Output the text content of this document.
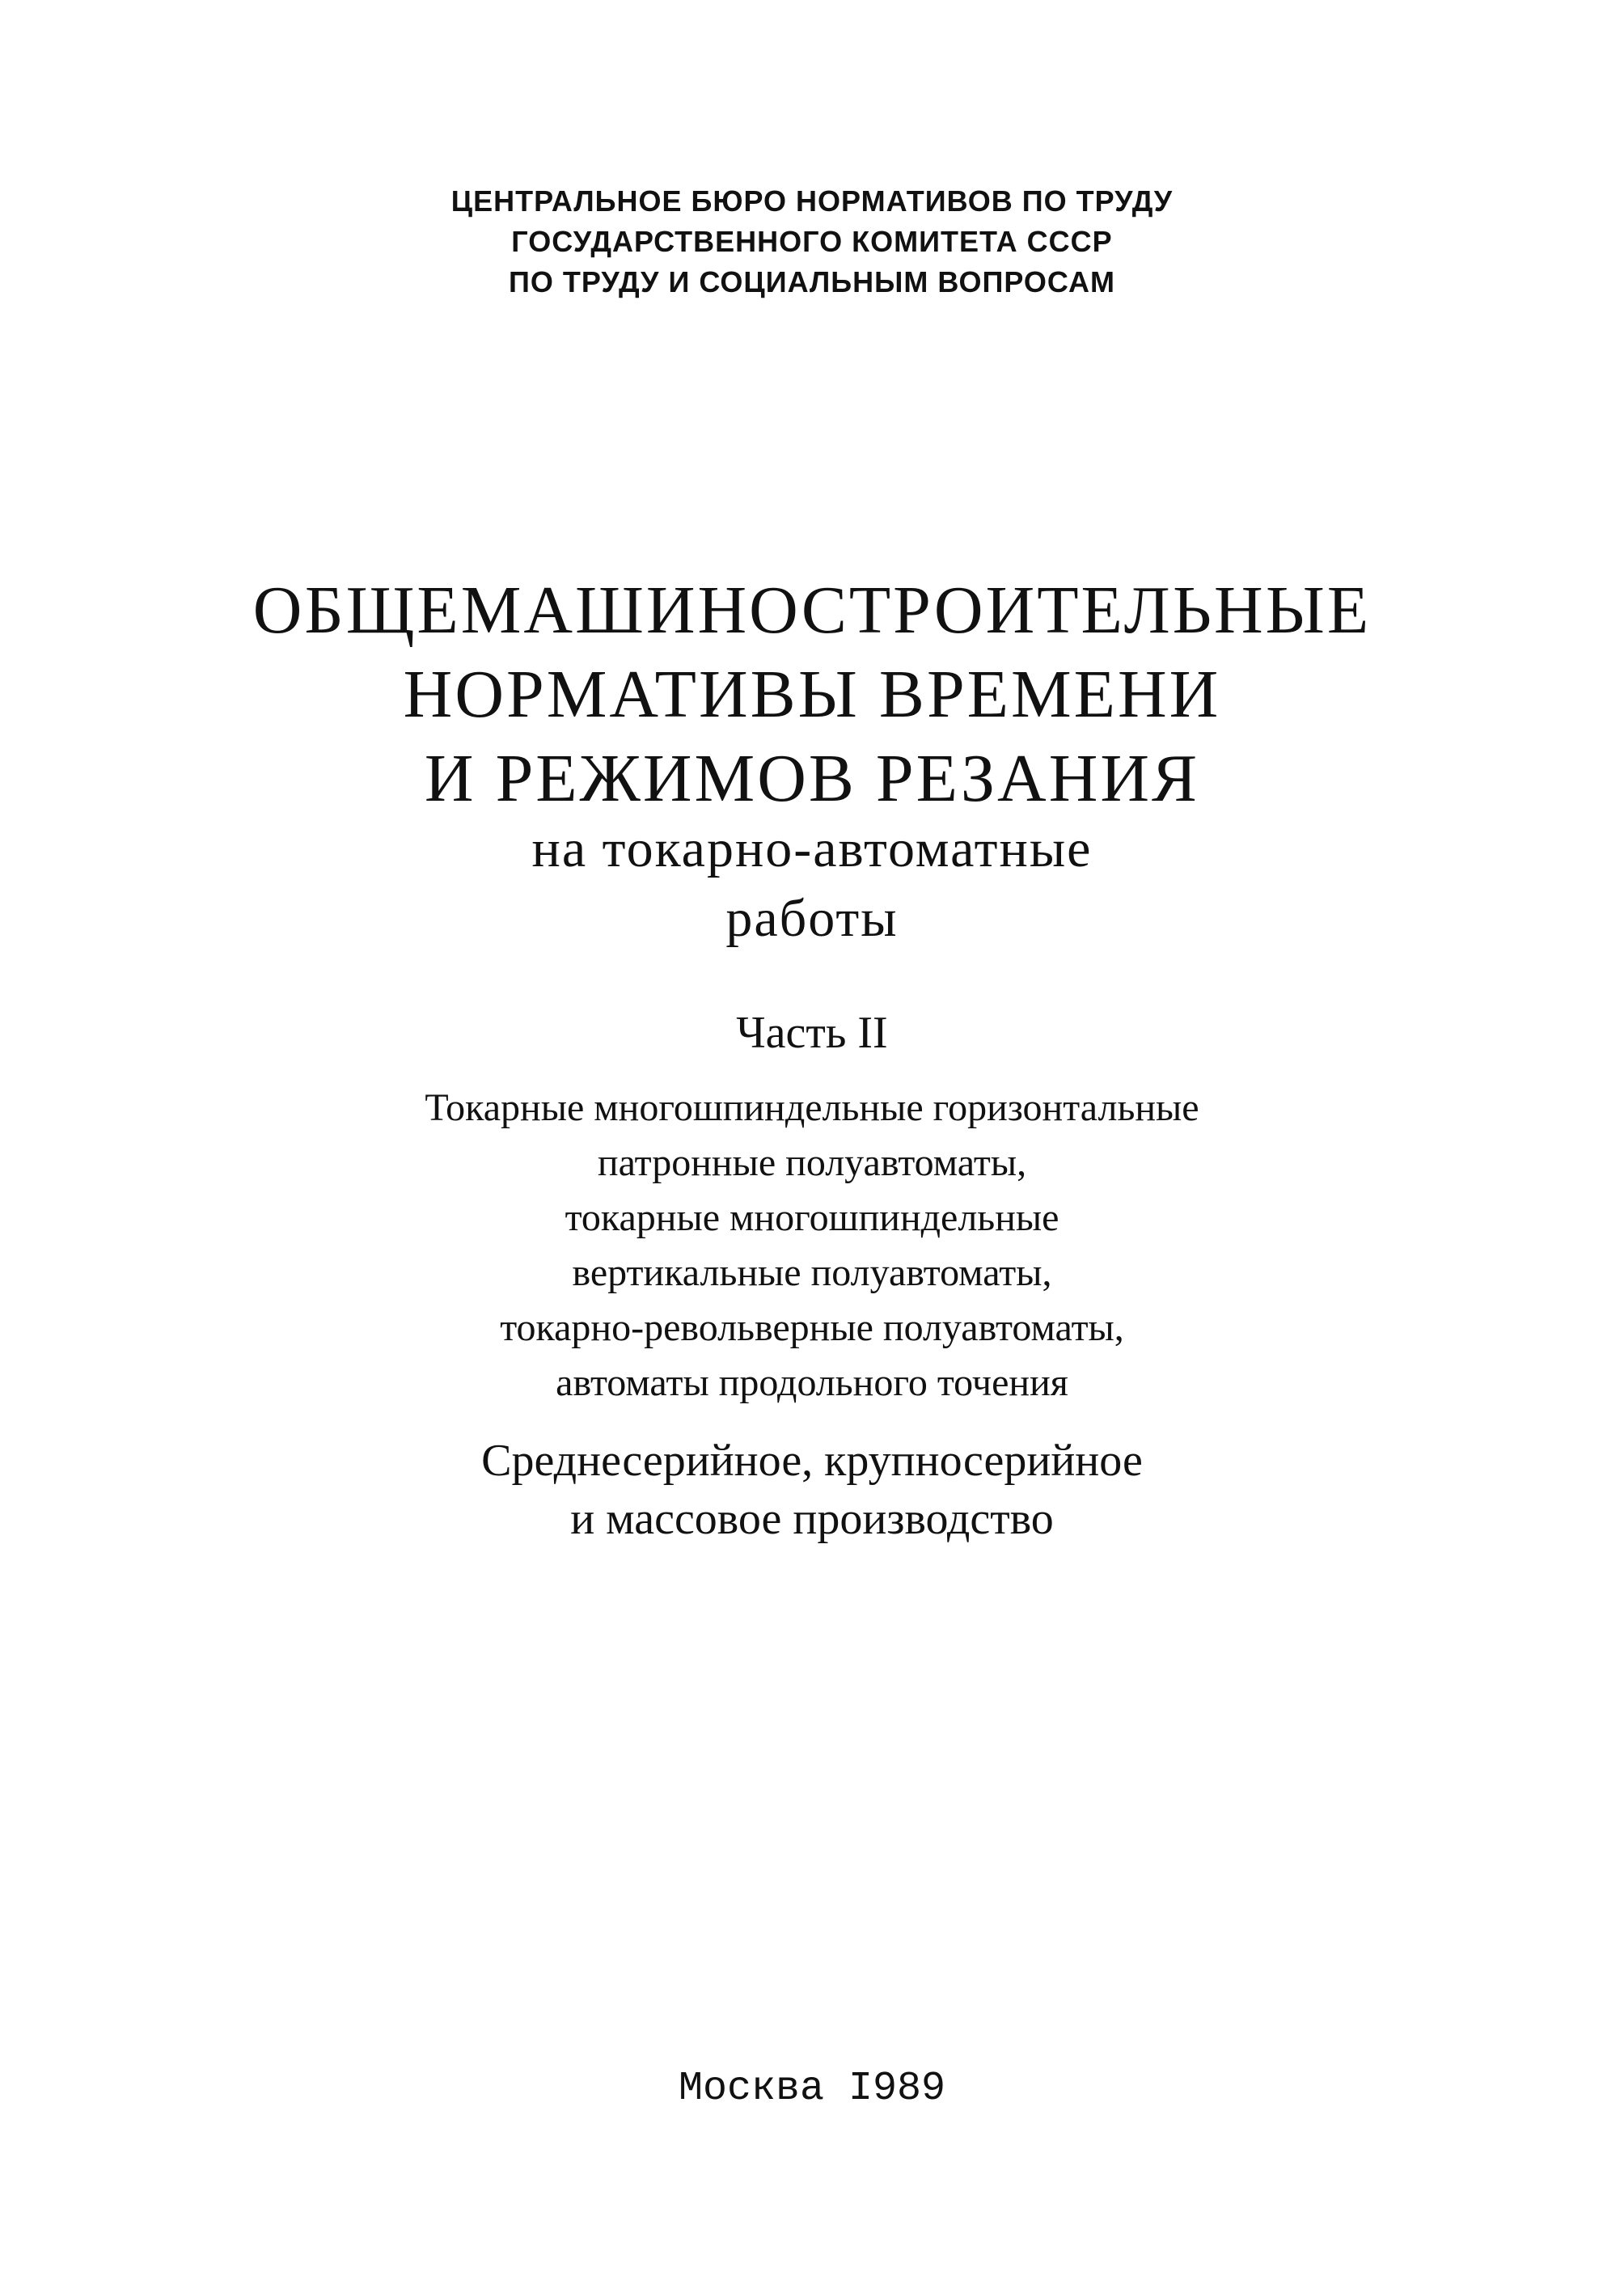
ЦЕНТРАЛЬНОЕ БЮРО НОРМАТИВОВ ПО ТРУДУ
ГОСУДАРСТВЕННОГО КОМИТЕТА СССР
ПО ТРУДУ И СОЦИАЛЬНЫМ ВОПРОСАМ
ОБЩЕМАШИНОСТРОИТЕЛЬНЫЕ
НОРМАТИВЫ ВРЕМЕНИ
И РЕЖИМОВ РЕЗАНИЯ
на токарно-автоматные
работы
Часть II
Токарные многошпиндельные горизонтальные
патронные полуавтоматы,
токарные многошпиндельные
вертикальные полуавтоматы,
токарно-револьверные полуавтоматы,
автоматы продольного точения
Среднесерийное, крупносерийное
и массовое производство
Москва I989
